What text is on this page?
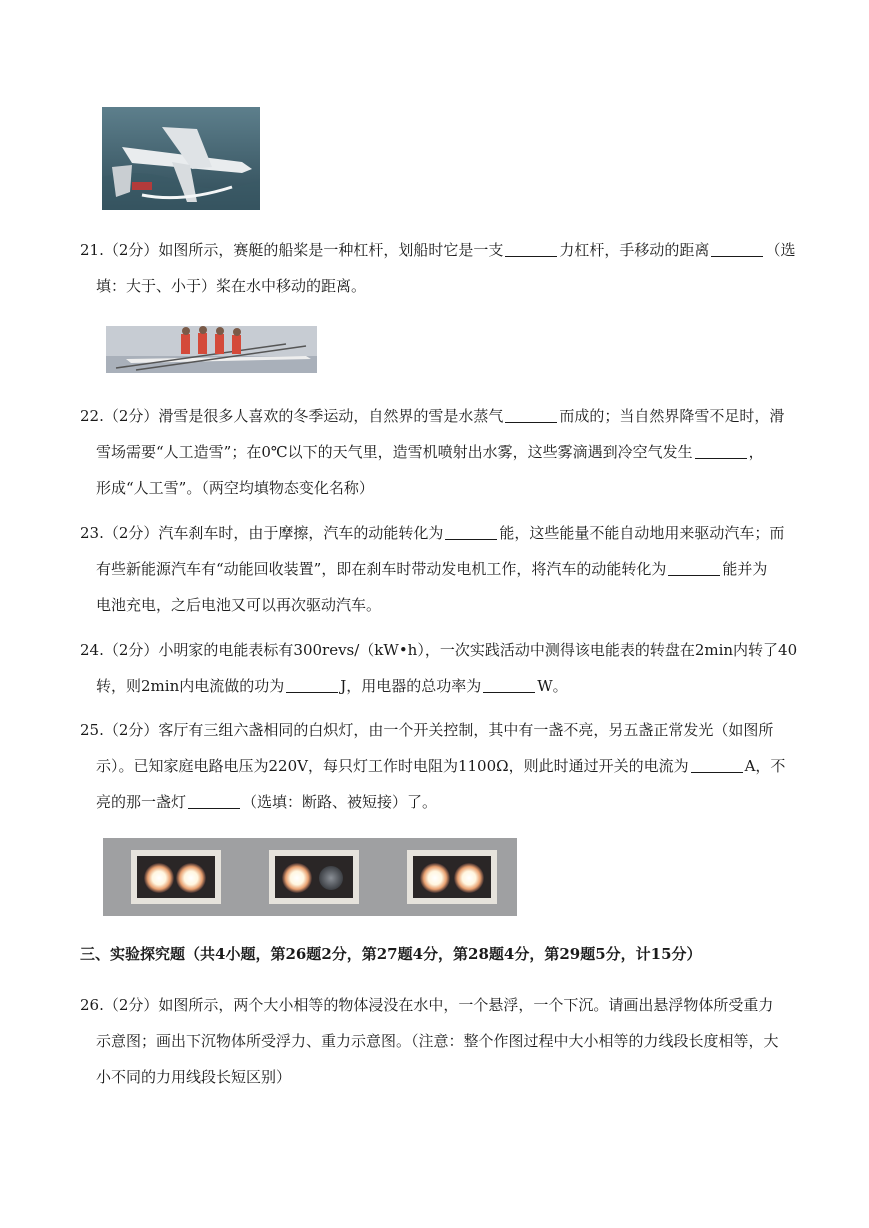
21.（2分）如图所示，赛艇的船桨是一种杠杆，划船时它是一支	力杠杆，手移动的距离	（选

填：大于、小于）桨在水中移动的距离。

22.（2分）滑雪是很多人喜欢的冬季运动，自然界的雪是水蒸气	而成的；当自然界降雪不足时，滑

雪场需要“人工造雪”；在0℃以下的天气里，造雪机喷射出水雾，这些雾滴遇到冷空气发生	，

形成“人工雪”。（两空均填物态变化名称）

23.（2分）汽车刹车时，由于摩擦，汽车的动能转化为	能，这些能量不能自动地用来驱动汽车；而

有些新能源汽车有“动能回收装置”，即在刹车时带动发电机工作，将汽车的动能转化为	能并为

电池充电，之后电池又可以再次驱动汽车。

24.（2分）小明家的电能表标有300revs/（kW•h），一次实践活动中测得该电能表的转盘在2min内转了40

转，则2min内电流做的功为	J，用电器的总功率为	W。

25.（2分）客厅有三组六盏相同的白炽灯，由一个开关控制，其中有一盏不亮，另五盏正常发光（如图所

示）。已知家庭电路电压为220V，每只灯工作时电阻为1100Ω，则此时通过开关的电流为	A，不

亮的那一盏灯	（选填：断路、被短接）了。

三、实验探究题（共4小题，第26题2分，第27题4分，第28题4分，第29题5分，计15分）

26.（2分）如图所示，两个大小相等的物体浸没在水中，一个悬浮，一个下沉。请画出悬浮物体所受重力

示意图；画出下沉物体所受浮力、重力示意图。（注意：整个作图过程中大小相等的力线段长度相等，大

小不同的力用线段长短区别）
